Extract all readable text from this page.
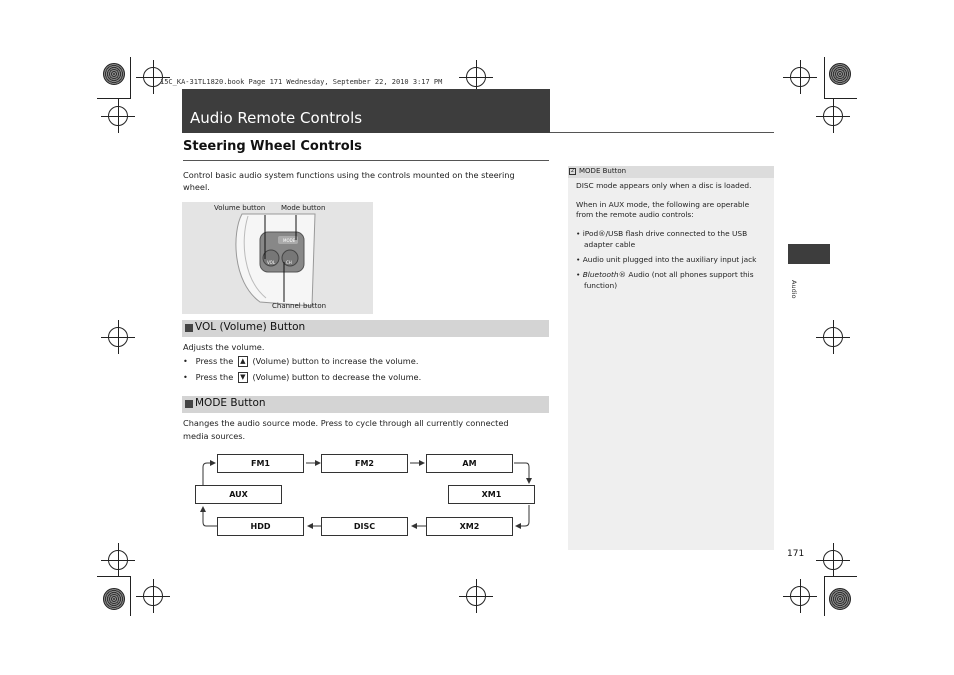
15C_KA-31TL1820.book Page 171 Wednesday, September 22, 2010 3:17 PM
Audio Remote Controls
Steering Wheel Controls
Control basic audio system functions using the controls mounted on the steering wheel.
MODE
VOL	CH
Volume button Mode button
Channel button
VOL (Volume) Button
Adjusts the volume.
• Press the ▲ (Volume) button to increase the volume.
• Press the ▼ (Volume) button to decrease the volume.
MODE Button
Changes the audio source mode. Press to cycle through all currently connected
media sources.
FM1	FM2	AM
AUX	XM1
HDD	DISC	XM2
2 MODE Button
DISC mode appears only when a disc is loaded.
When in AUX mode, the following are operable
from the remote audio controls:
• iPod®/USB flash drive connected to the USB
adapter cable
• Audio unit plugged into the auxiliary input jack
• Bluetooth® Audio (not all phones support this
function)	Audio
171
